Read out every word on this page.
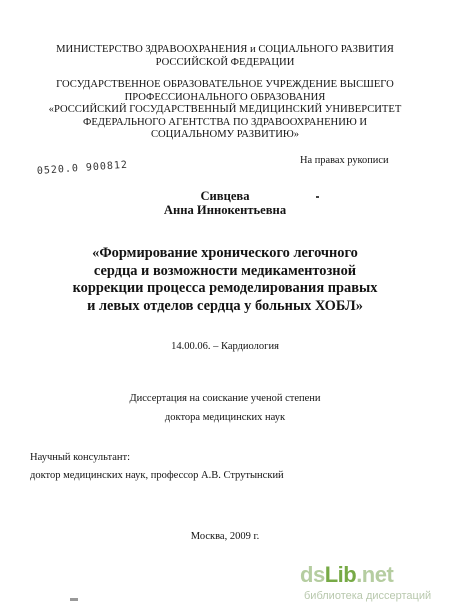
МИНИСТЕРСТВО ЗДРАВООХРАНЕНИЯ и СОЦИАЛЬНОГО РАЗВИТИЯ
РОССИЙСКОЙ ФЕДЕРАЦИИ
ГОСУДАРСТВЕННОЕ ОБРАЗОВАТЕЛЬНОЕ УЧРЕЖДЕНИЕ ВЫСШЕГО
ПРОФЕССИОНАЛЬНОГО ОБРАЗОВАНИЯ
«РОССИЙСКИЙ ГОСУДАРСТВЕННЫЙ МЕДИЦИНСКИЙ УНИВЕРСИТЕТ
ФЕДЕРАЛЬНОГО АГЕНТСТВА ПО ЗДРАВООХРАНЕНИЮ И
СОЦИАЛЬНОМУ РАЗВИТИЮ»
На правах рукописи
0520.0 900812
Сивцева
Анна Иннокентьевна
«Формирование хронического легочного
сердца и возможности медикаментозной
коррекции процесса ремоделирования правых
и левых отделов сердца у больных ХОБЛ»
14.00.06. – Кардиология
Диссертация на соискание ученой степени
доктора медицинских наук
Научный консультант:
доктор медицинских наук, профессор А.В. Струтынский
Москва, 2009 г.
dsLib.net
библиотека диссертаций
